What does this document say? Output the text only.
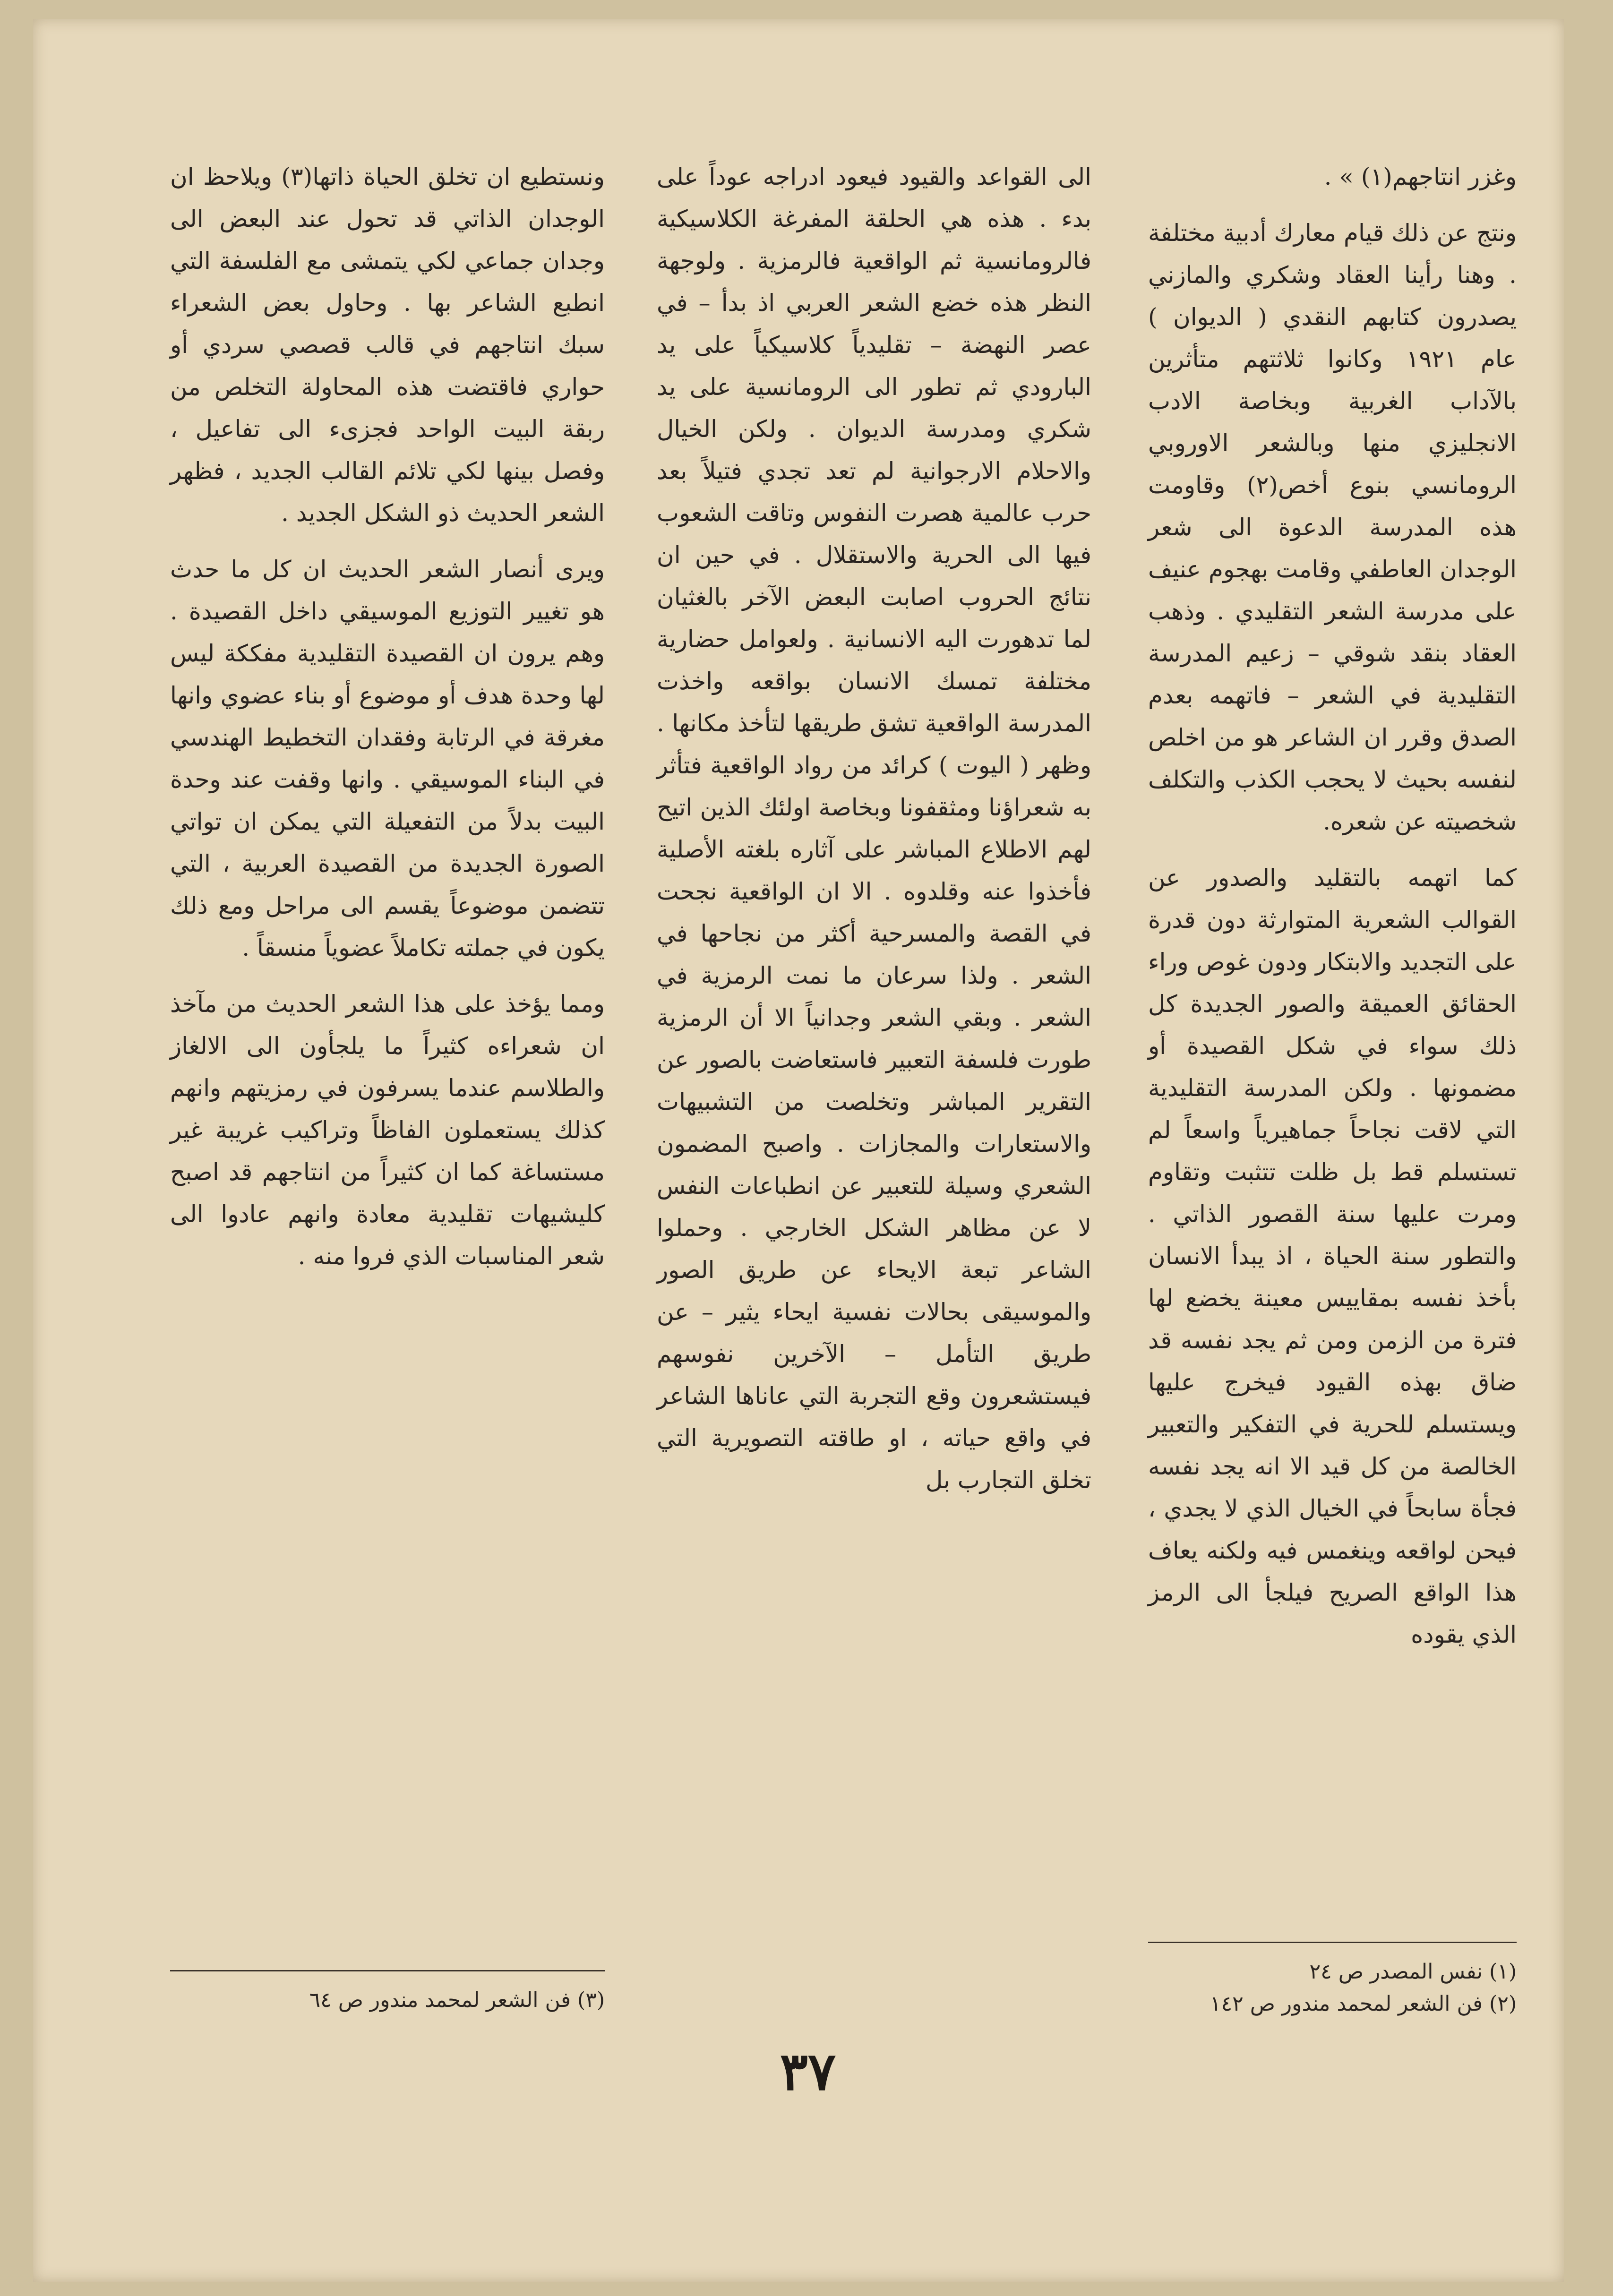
وغزر انتاجهم(١) » .

ونتج عن ذلك قيام معارك أدبية مختلفة . وهنا رأينا العقاد وشكري والمازني يصدرون كتابهم النقدي ( الديوان ) عام ١٩٢١ وكانوا ثلاثتهم متأثرين بالآداب الغربية وبخاصة الادب الانجليزي منها وبالشعر الاوروبي الرومانسي بنوع أخص(٢) وقاومت هذه المدرسة الدعوة الى شعر الوجدان العاطفي وقامت بهجوم عنيف على مدرسة الشعر التقليدي . وذهب العقاد بنقد شوقي – زعيم المدرسة التقليدية في الشعر – فاتهمه بعدم الصدق وقرر ان الشاعر هو من اخلص لنفسه بحيث لا يحجب الكذب والتكلف شخصيته عن شعره.

كما اتهمه بالتقليد والصدور عن القوالب الشعرية المتوارثة دون قدرة على التجديد والابتكار ودون غوص وراء الحقائق العميقة والصور الجديدة كل ذلك سواء في شكل القصيدة أو مضمونها . ولكن المدرسة التقليدية التي لاقت نجاحاً جماهيرياً واسعاً لم تستسلم قط بل ظلت تتثبت وتقاوم ومرت عليها سنة القصور الذاتي . والتطور سنة الحياة ، اذ يبدأ الانسان بأخذ نفسه بمقاييس معينة يخضع لها فترة من الزمن ومن ثم يجد نفسه قد ضاق بهذه القيود فيخرج عليها ويستسلم للحرية في التفكير والتعبير الخالصة من كل قيد الا انه يجد نفسه فجأة سابحاً في الخيال الذي لا يجدي ، فيحن لواقعه وينغمس فيه ولكنه يعاف هذا الواقع الصريح فيلجأ الى الرمز الذي يقوده

الى القواعد والقيود فيعود ادراجه عوداً على بدء . هذه هي الحلقة المفرغة الكلاسيكية فالرومانسية ثم الواقعية فالرمزية . ولوجهة النظر هذه خضع الشعر العربي اذ بدأ – في عصر النهضة – تقليدياً كلاسيكياً على يد البارودي ثم تطور الى الرومانسية على يد شكري ومدرسة الديوان . ولكن الخيال والاحلام الارجوانية لم تعد تجدي فتيلاً بعد حرب عالمية هصرت النفوس وتاقت الشعوب فيها الى الحرية والاستقلال . في حين ان نتائج الحروب اصابت البعض الآخر بالغثيان لما تدهورت اليه الانسانية . ولعوامل حضارية مختلفة تمسك الانسان بواقعه واخذت المدرسة الواقعية تشق طريقها لتأخذ مكانها . وظهر ( اليوت ) كرائد من رواد الواقعية فتأثر به شعراؤنا ومثقفونا وبخاصة اولئك الذين اتيح لهم الاطلاع المباشر على آثاره بلغته الأصلية فأخذوا عنه وقلدوه . الا ان الواقعية نجحت في القصة والمسرحية أكثر من نجاحها في الشعر . ولذا سرعان ما نمت الرمزية في الشعر . وبقي الشعر وجدانياً الا أن الرمزية طورت فلسفة التعبير فاستعاضت بالصور عن التقرير المباشر وتخلصت من التشبيهات والاستعارات والمجازات . واصبح المضمون الشعري وسيلة للتعبير عن انطباعات النفس لا عن مظاهر الشكل الخارجي . وحملوا الشاعر تبعة الايحاء عن طريق الصور والموسيقى بحالات نفسية ايحاء يثير – عن طريق التأمل – الآخرين نفوسهم فيستشعرون وقع التجربة التي عاناها الشاعر في واقع حياته ، او طاقته التصويرية التي تخلق التجارب بل

ونستطيع ان تخلق الحياة ذاتها(٣) ويلاحظ ان الوجدان الذاتي قد تحول عند البعض الى وجدان جماعي لكي يتمشى مع الفلسفة التي انطبع الشاعر بها . وحاول بعض الشعراء سبك انتاجهم في قالب قصصي سردي أو حواري فاقتضت هذه المحاولة التخلص من ربقة البيت الواحد فجزىء الى تفاعيل ، وفصل بينها لكي تلائم القالب الجديد ، فظهر الشعر الحديث ذو الشكل الجديد .

ويرى أنصار الشعر الحديث ان كل ما حدث هو تغيير التوزيع الموسيقي داخل القصيدة . وهم يرون ان القصيدة التقليدية مفككة ليس لها وحدة هدف أو موضوع أو بناء عضوي وانها مغرقة في الرتابة وفقدان التخطيط الهندسي في البناء الموسيقي . وانها وقفت عند وحدة البيت بدلاً من التفعيلة التي يمكن ان تواتي الصورة الجديدة من القصيدة العربية ، التي تتضمن موضوعاً يقسم الى مراحل ومع ذلك يكون في جملته تكاملاً عضوياً منسقاً .

ومما يؤخذ على هذا الشعر الحديث من مآخذ ان شعراءه كثيراً ما يلجأون الى الالغاز والطلاسم عندما يسرفون في رمزيتهم وانهم كذلك يستعملون الفاظاً وتراكيب غريبة غير مستساغة كما ان كثيراً من انتاجهم قد اصبح كليشيهات تقليدية معادة وانهم عادوا الى شعر المناسبات الذي فروا منه .

(١) نفس المصدر ص ٢٤
(٢) فن الشعر لمحمد مندور ص ١٤٢
(٣) فن الشعر لمحمد مندور ص ٦٤
٣٧
